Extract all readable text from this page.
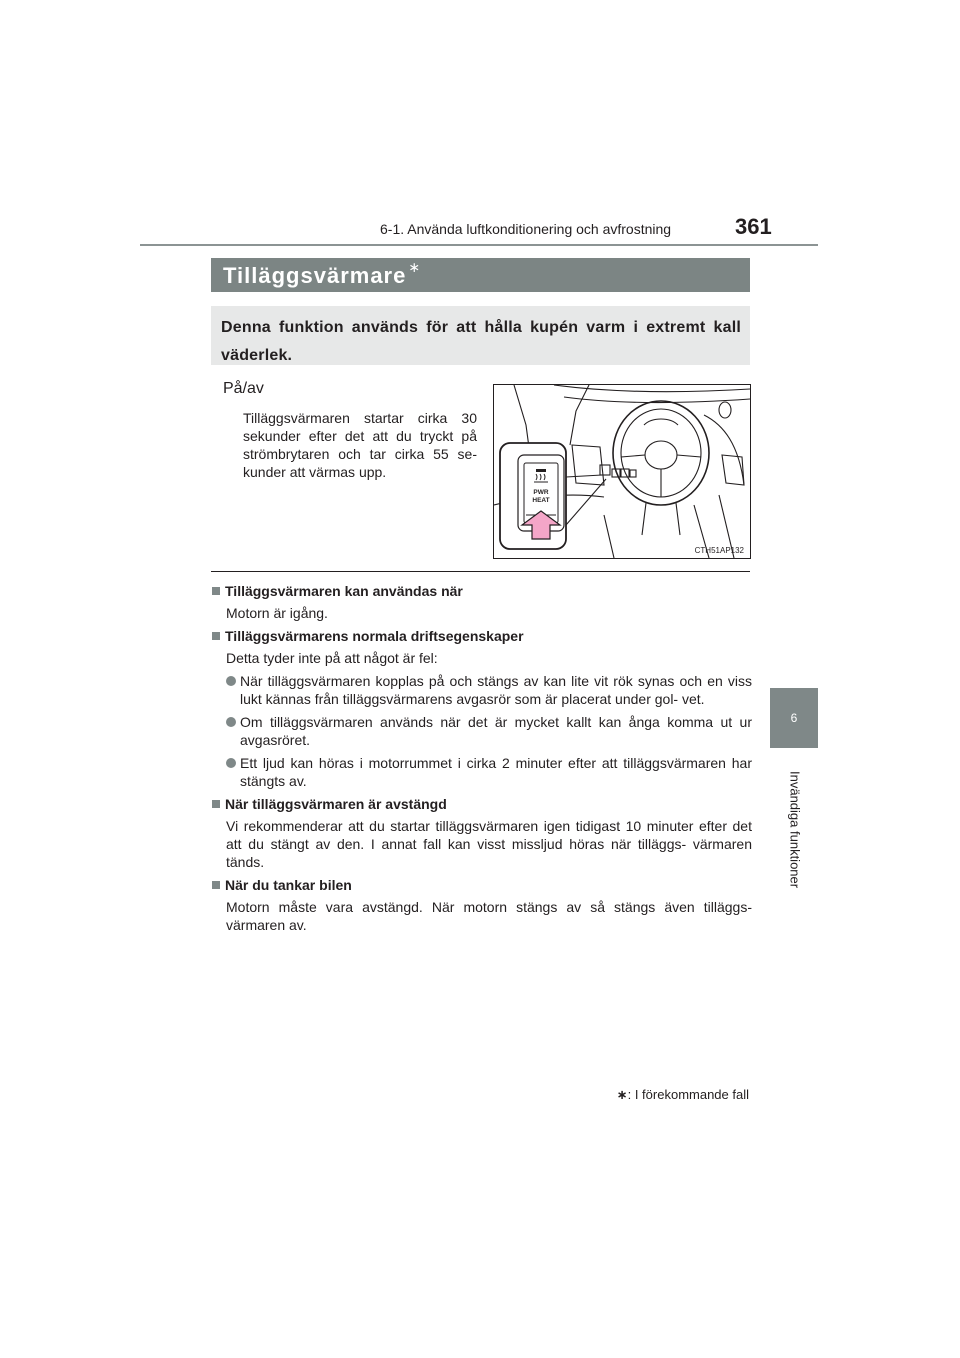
6-1. Använda luftkonditionering och avfrostning	361
6
Invändiga funktioner
Tilläggsvärmare ∗
Denna funktion används för att hålla kupén varm i extremt kall väderlek.
På/av
Tilläggsvärmaren startar cirka 30 sekunder efter det att du tryckt på strömbrytaren och tar cirka 55 se- kunder att värmas upp.
PWR
HEAT
CTH51AP132
Tilläggsvärmaren kan användas när
Motorn är igång.
Tilläggsvärmarens normala driftsegenskaper
Detta tyder inte på att något är fel:
När tilläggsvärmaren kopplas på och stängs av kan lite vit rök synas och en viss lukt kännas från tilläggsvärmarens avgasrör som är placerat under gol- vet.
Om tilläggsvärmaren används när det är mycket kallt kan ånga komma ut ur avgasröret.
Ett ljud kan höras i motorrummet i cirka 2 minuter efter att tilläggsvärmaren har stängts av.
När tilläggsvärmaren är avstängd
Vi rekommenderar att du startar tilläggsvärmaren igen tidigast 10 minuter efter det att du stängt av den. I annat fall kan visst missljud höras när tilläggs- värmaren tänds.
När du tankar bilen
Motorn måste vara avstängd. När motorn stängs av så stängs även tilläggs- värmaren av.
∗: I förekommande fall
